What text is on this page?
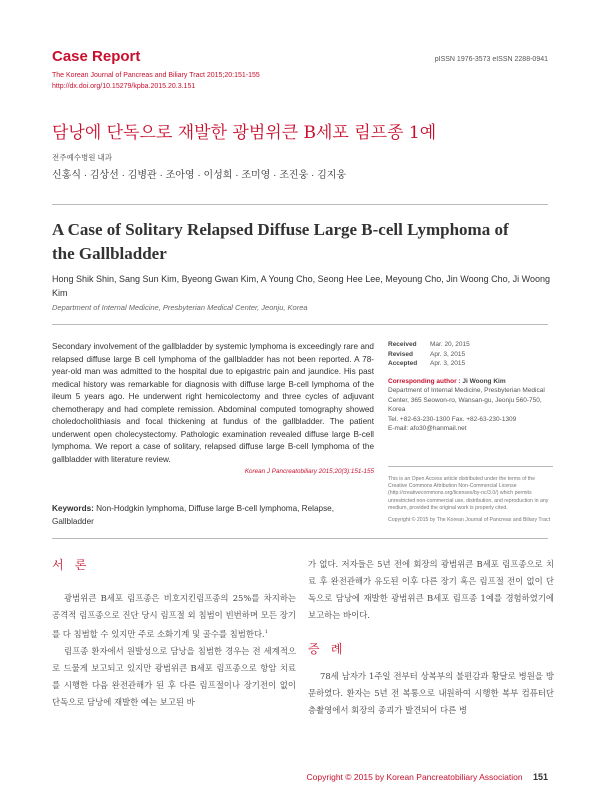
Case Report
The Korean Journal of Pancreas and Biliary Tract 2015;20:151-155
http://dx.doi.org/10.15279/kpba.2015.20.3.151
pISSN 1976-3573 eISSN 2288-0941
담낭에 단독으로 재발한 광범위큰 B세포 림프종 1예
전주예수병원 내과
신홍식 · 김상선 · 김병관 · 조아영 · 이성희 · 조미영 · 조진웅 · 김지웅
A Case of Solitary Relapsed Diffuse Large B-cell Lymphoma of the Gallbladder
Hong Shik Shin, Sang Sun Kim, Byeong Gwan Kim, A Young Cho, Seong Hee Lee, Meyoung Cho, Jin Woong Cho, Ji Woong Kim
Department of Internal Medicine, Presbyterian Medical Center, Jeonju, Korea
Secondary involvement of the gallbladder by systemic lymphoma is exceedingly rare and relapsed diffuse large B cell lymphoma of the gallbladder has not been reported. A 78-year-old man was admitted to the hospital due to epigastric pain and jaundice. His past medical history was remarkable for diagnosis with diffuse large B-cell lymphoma of the ileum 5 years ago. He underwent right hemicolectomy and three cycles of adjuvant chemotherapy and had complete remission. Abdominal computed tomography showed choledocholithiasis and focal thickening at fundus of the gallbladder. The patient underwent open cholecystectomy. Pathologic examination revealed diffuse large B-cell lymphoma. We report a case of solitary, relapsed diffuse large B-cell lymphoma of the gallbladder with literature review.
Korean J Pancreatobiliary 2015;20(3):151-155
Keywords: Non-Hodgkin lymphoma, Diffuse large B-cell lymphoma, Relapse, Gallbladder
Received	Mar. 20, 2015
Revised	Apr. 3, 2015
Accepted	Apr. 3, 2015
Corresponding author : Ji Woong Kim
Department of Internal Medicine, Presbyterian Medical Center, 365 Seowon-ro, Wansan-gu, Jeonju 560-750, Korea
Tel. +82-63-230-1300 Fax. +82-63-230-1309
E-mail: afo30@hanmail.net
This is an Open Access article distributed under the terms of the Creative Commons Attribution Non-Commercial License (http://creativecommons.org/licenses/by-nc/3.0/) which permits unrestricted non-commercial use, distribution, and reproduction in any medium, provided the original work is properly cited.
Copyright © 2015 by The Korean Journal of Pancreas and Biliary Tract
서 론

광범위큰 B세포 림프종은 비호지킨림프종의 25%를 차지하는 공격적 림프종으로 진단 당시 림프절 외 침범이 빈번하며 모든 장기를 다 침범할 수 있지만 주로 소화기계 및 골수를 침범한다.$^1$

림프종 환자에서 원발성으로 담낭을 침범한 경우는 전 세계적으로 드물게 보고되고 있지만 광범위큰 B세포 림프종으로 항암 치료를 시행한 다음 완전관해가 된 후 다른 림프절이나 장기전이 없이 단독으로 담낭에 재발한 예는 보고된 바

가 없다. 저자들은 5년 전에 회장의 광범위큰 B세포 림프종으로 치료 후 완전관해가 유도된 이후 다른 장기 혹은 림프절 전이 없이 단독으로 담낭에 재발한 광범위큰 B세포 림프종 1예를 경험하였기에 보고하는 바이다.
증 례

78세 남자가 1주일 전부터 상복부의 불편감과 황달로 병원을 방문하였다. 환자는 5년 전 복통으로 내원하여 시행한 복부 컴퓨터단층촬영에서 회장의 종괴가 발견되어 다른 병

Copyright © 2015 by Korean Pancreatobiliary Association 151
